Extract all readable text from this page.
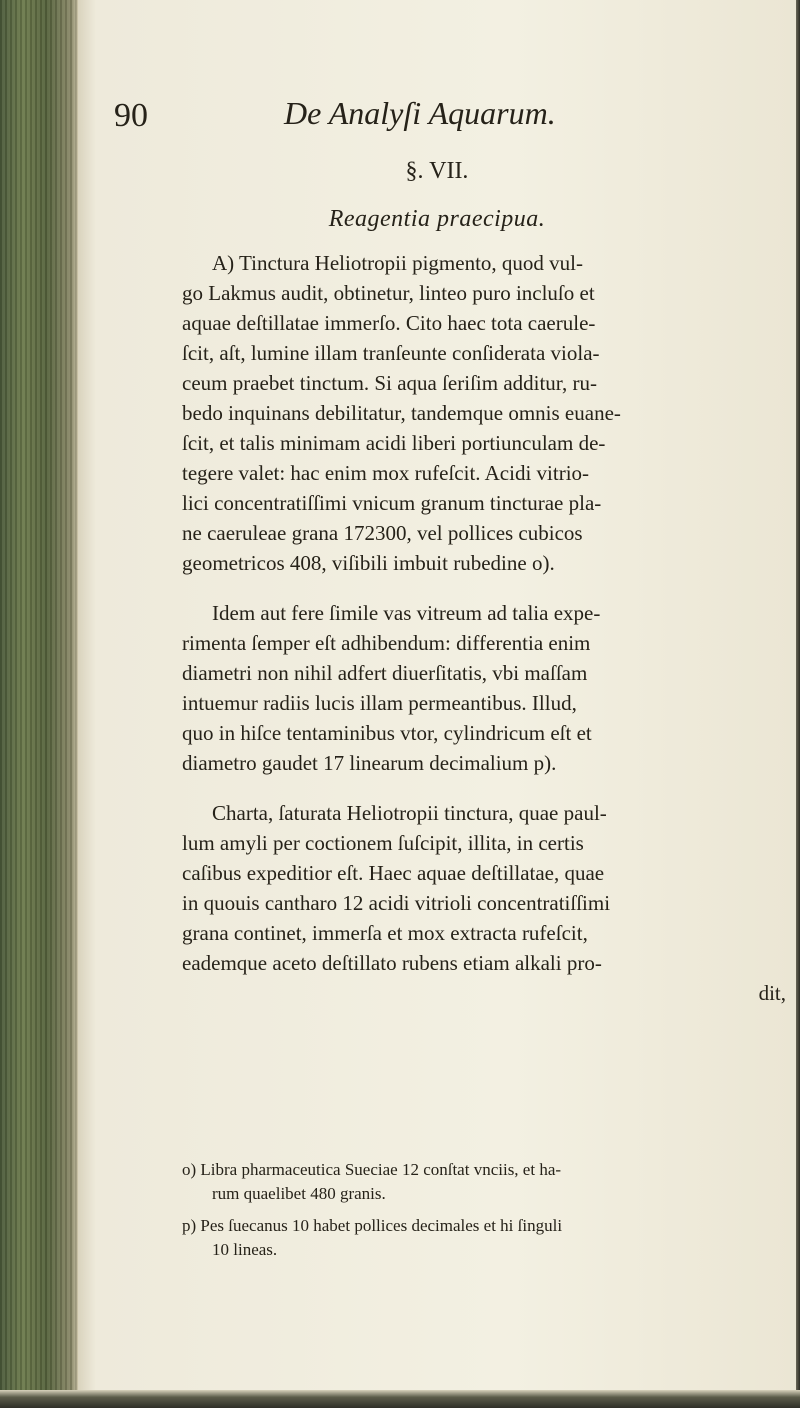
90	De Analyſi Aquarum.
§. VII.
Reagentia praecipua.

A) Tinctura Heliotropii pigmento, quod vul-
go Lakmus audit, obtinetur, linteo puro incluſo et
aquae deſtillatae immerſo. Cito haec tota caerule-
ſcit, aſt, lumine illam tranſeunte conſiderata viola-
ceum praebet tinctum. Si aqua ſeriſim additur, ru-
bedo inquinans debilitatur, tandemque omnis euane-
ſcit, et talis minimam acidi liberi portiunculam de-
tegere valet: hac enim mox rufeſcit. Acidi vitrio-
lici concentratiſſimi vnicum granum tincturae pla-
ne caeruleae grana 172300, vel pollices cubicos
geometricos 408, viſibili imbuit rubedine o).

Idem aut fere ſimile vas vitreum ad talia expe-
rimenta ſemper eſt adhibendum: differentia enim
diametri non nihil adfert diuerſitatis, vbi maſſam
intuemur radiis lucis illam permeantibus. Illud,
quo in hiſce tentaminibus vtor, cylindricum eſt et
diametro gaudet 17 linearum decimalium p).

Charta, ſaturata Heliotropii tinctura, quae paul-
lum amyli per coctionem ſuſcipit, illita, in certis
caſibus expeditior eſt. Haec aquae deſtillatae, quae
in quouis cantharo 12 acidi vitrioli concentratiſſimi
grana continet, immerſa et mox extracta rufeſcit,
eademque aceto deſtillato rubens etiam alkali pro-
dit,

o) Libra pharmaceutica Sueciae 12 conſtat vnciis, et ha-
rum quaelibet 480 granis.

p) Pes ſuecanus 10 habet pollices decimales et hi ſinguli
10 lineas.
